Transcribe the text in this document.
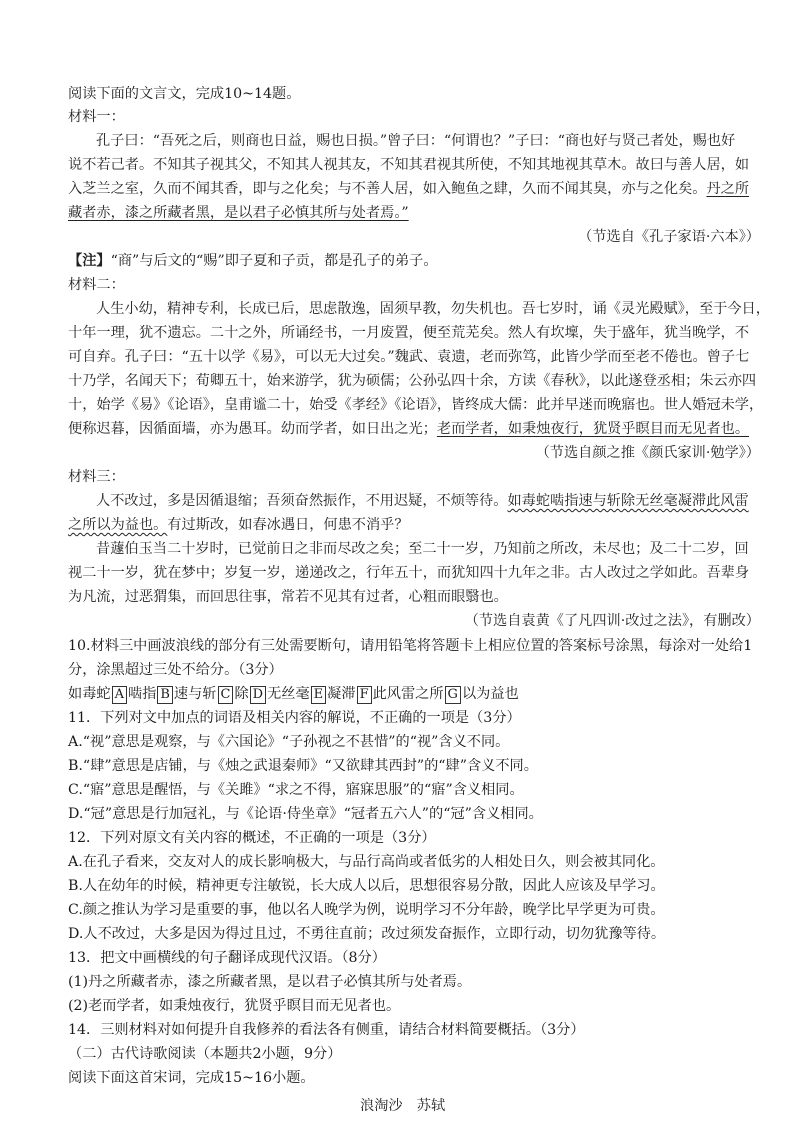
阅读下面的文言文，完成10~14题。
材料一：
孔子曰：“吾死之后，则商也日益，赐也日损。”曾子曰：“何谓也？”子曰：“商也好与贤己者处，赐也好
说不若己者。不知其子视其父，不知其人视其友，不知其君视其所使，不知其地视其草木。故曰与善人居，如
入芝兰之室，久而不闻其香，即与之化矣；与不善人居，如入鲍鱼之肆，久而不闻其臭，亦与之化矣。丹之所
藏者赤，漆之所藏者黑，是以君子必慎其所与处者焉。”
（节选自《孔子家语·六本》）
【注】“商”与后文的“赐”即子夏和子贡，都是孔子的弟子。
材料二：
人生小幼，精神专利，长成已后，思虑散逸，固须早教，勿失机也。吾七岁时，诵《灵光殿赋》，至于今日，
十年一理，犹不遗忘。二十之外，所诵经书，一月废置，便至荒芜矣。然人有坎壈，失于盛年，犹当晚学，不
可自弃。孔子曰：“五十以学《易》，可以无大过矣。”魏武、袁遗，老而弥笃，此皆少学而至老不倦也。曾子七
十乃学，名闻天下；荀卿五十，始来游学，犹为硕儒；公孙弘四十余，方读《春秋》，以此遂登丞相；朱云亦四
十，始学《易》《论语》，皇甫谧二十，始受《孝经》《论语》，皆终成大儒：此并早迷而晚寤也。世人婚冠未学，
便称迟暮，因循面墙，亦为愚耳。幼而学者，如日出之光；老而学者，如秉烛夜行，犹贤乎瞑目而无见者也。
（节选自颜之推《颜氏家训·勉学》）
材料三：
人不改过，多是因循退缩；吾须奋然振作，不用迟疑，不烦等待。如毒蛇啮指速与斩除无丝毫凝滞此风雷
之所以为益也。有过斯改，如春冰遇日，何患不消乎？
昔蘧伯玉当二十岁时，已觉前日之非而尽改之矣；至二十一岁，乃知前之所改，未尽也；及二十二岁，回
视二十一岁，犹在梦中；岁复一岁，递递改之，行年五十，而犹知四十九年之非。古人改过之学如此。吾辈身
为凡流，过恶猬集，而回思往事，常若不见其有过者，心粗而眼翳也。
（节选自袁黄《了凡四训·改过之法》，有删改）
10.材料三中画波浪线的部分有三处需要断句，请用铅笔将答题卡上相应位置的答案标号涂黑，每涂对一处给1
分，涂黑超过三处不给分。（3分）
如毒蛇 A 啮指 B 速与斩 C 除 D 无丝毫 E 凝滞 F 此风雷之所 G 以为益也
11．下列对文中加点的词语及相关内容的解说，不正确的一项是（3分）
A.“视”意思是观察，与《六国论》“子孙视之不甚惜”的“视”含义不同。
B.“肆”意思是店铺，与《烛之武退秦师》“又欲肆其西封”的“肆”含义不同。
C.“寤”意思是醒悟，与《关雎》“求之不得，寤寐思服”的“寤”含义相同。
D.“冠”意思是行加冠礼，与《论语·侍坐章》“冠者五六人”的“冠”含义相同。
12．下列对原文有关内容的概述，不正确的一项是（3分）
A.在孔子看来，交友对人的成长影响极大，与品行高尚或者低劣的人相处日久，则会被其同化。
B.人在幼年的时候，精神更专注敏锐，长大成人以后，思想很容易分散，因此人应该及早学习。
C.颜之推认为学习是重要的事，他以名人晚学为例，说明学习不分年龄，晚学比早学更为可贵。
D.人不改过，大多是因为得过且过，不勇往直前；改过须发奋振作，立即行动，切勿犹豫等待。
13．把文中画横线的句子翻译成现代汉语。（8分）
(1)丹之所藏者赤，漆之所藏者黑，是以君子必慎其所与处者焉。
(2)老而学者，如秉烛夜行，犹贤乎瞑目而无见者也。
14．三则材料对如何提升自我修养的看法各有侧重，请结合材料简要概括。（3分）
（二）古代诗歌阅读（本题共2小题，9分）
阅读下面这首宋词，完成15~16小题。
浪淘沙　苏轼
